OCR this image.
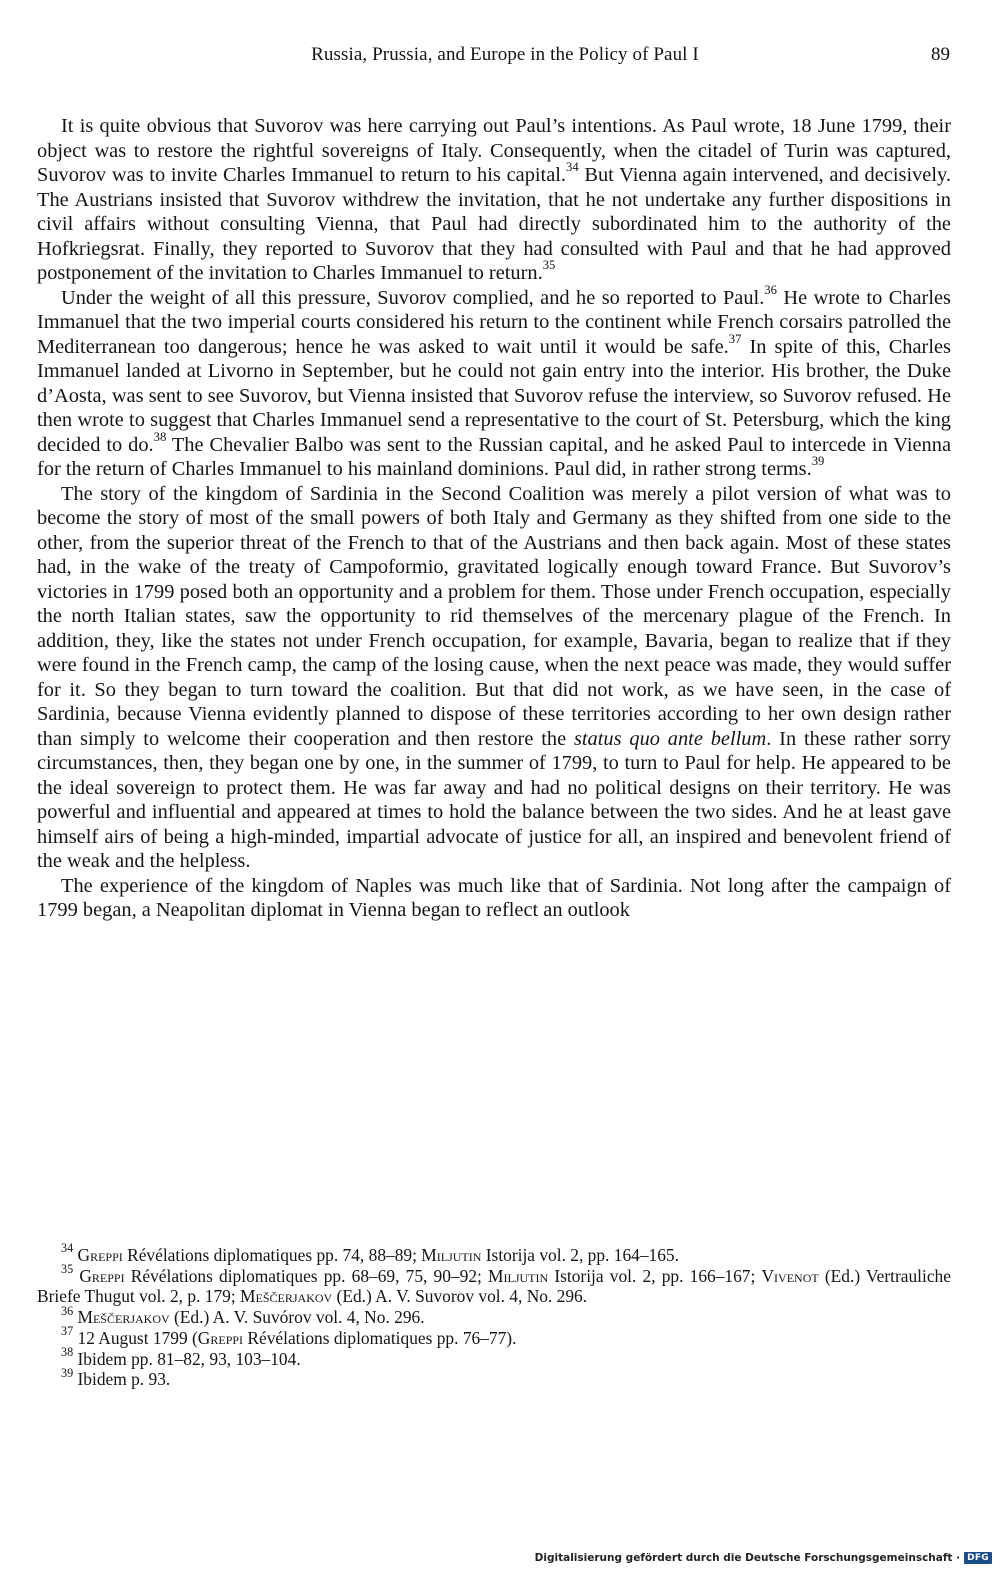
Russia, Prussia, and Europe in the Policy of Paul I	89

It is quite obvious that Suvorov was here carrying out Paul’s intentions. As Paul wrote, 18 June 1799, their object was to restore the rightful sovereigns of Italy. Consequently, when the citadel of Turin was captured, Suvorov was to invite Charles Immanuel to return to his capital.$^{34}$ But Vienna again intervened, and decisively. The Austrians insisted that Suvorov withdrew the invitation, that he not undertake any further dispositions in civil affairs without consulting Vienna, that Paul had directly subordinated him to the authority of the Hofkriegsrat. Finally, they reported to Suvorov that they had consulted with Paul and that he had approved postponement of the invitation to Charles Immanuel to return.$^{35}$

Under the weight of all this pressure, Suvorov complied, and he so reported to Paul.$^{36}$ He wrote to Charles Immanuel that the two imperial courts considered his return to the continent while French corsairs patrolled the Mediterranean too dangerous; hence he was asked to wait until it would be safe.$^{37}$ In spite of this, Charles Immanuel landed at Livorno in September, but he could not gain entry into the interior. His brother, the Duke d’Aosta, was sent to see Suvorov, but Vienna insisted that Suvorov refuse the interview, so Suvorov refused. He then wrote to suggest that Charles Immanuel send a representative to the court of St. Petersburg, which the king decided to do.$^{38}$ The Chevalier Balbo was sent to the Russian capital, and he asked Paul to intercede in Vienna for the return of Charles Immanuel to his mainland dominions. Paul did, in rather strong terms.$^{39}$

The story of the kingdom of Sardinia in the Second Coalition was merely a pilot version of what was to become the story of most of the small powers of both Italy and Germany as they shifted from one side to the other, from the superior threat of the French to that of the Austrians and then back again. Most of these states had, in the wake of the treaty of Campoformio, gravitated logically enough toward France. But Suvorov’s victories in 1799 posed both an opportunity and a problem for them. Those under French occupation, especially the north Italian states, saw the opportunity to rid themselves of the mercenary plague of the French. In addition, they, like the states not under French occupation, for example, Bavaria, began to realize that if they were found in the French camp, the camp of the losing cause, when the next peace was made, they would suffer for it. So they began to turn toward the coalition. But that did not work, as we have seen, in the case of Sardinia, because Vienna evidently planned to dispose of these territories according to her own design rather than simply to welcome their cooperation and then restore the status quo ante bellum. In these rather sorry circumstances, then, they began one by one, in the summer of 1799, to turn to Paul for help. He appeared to be the ideal sovereign to protect them. He was far away and had no political designs on their territory. He was powerful and influential and appeared at times to hold the balance between the two sides. And he at least gave himself airs of being a high-minded, impartial advocate of justice for all, an inspired and benevolent friend of the weak and the helpless.

The experience of the kingdom of Naples was much like that of Sardinia. Not long after the campaign of 1799 began, a Neapolitan diplomat in Vienna began to reflect an outlook

$^{34}$ Greppi Révélations diplomatiques pp. 74, 88–89; Miljutin Istorija vol. 2, pp. 164–165.

$^{35}$ Greppi Révélations diplomatiques pp. 68–69, 75, 90–92; Miljutin Istorija vol. 2, pp. 166–167; Vivenot (Ed.) Vertrauliche Briefe Thugut vol. 2, p. 179; Meščerjakov (Ed.) A. V. Suvorov vol. 4, No. 296.

$^{36}$ Meščerjakov (Ed.) A. V. Suvórov vol. 4, No. 296.

$^{37}$ 12 August 1799 (Greppi Révélations diplomatiques pp. 76–77).

$^{38}$ Ibidem pp. 81–82, 93, 103–104.

$^{39}$ Ibidem p. 93.

Digitalisierung gefördert durch die Deutsche Forschungsgemeinschaft · DFG
